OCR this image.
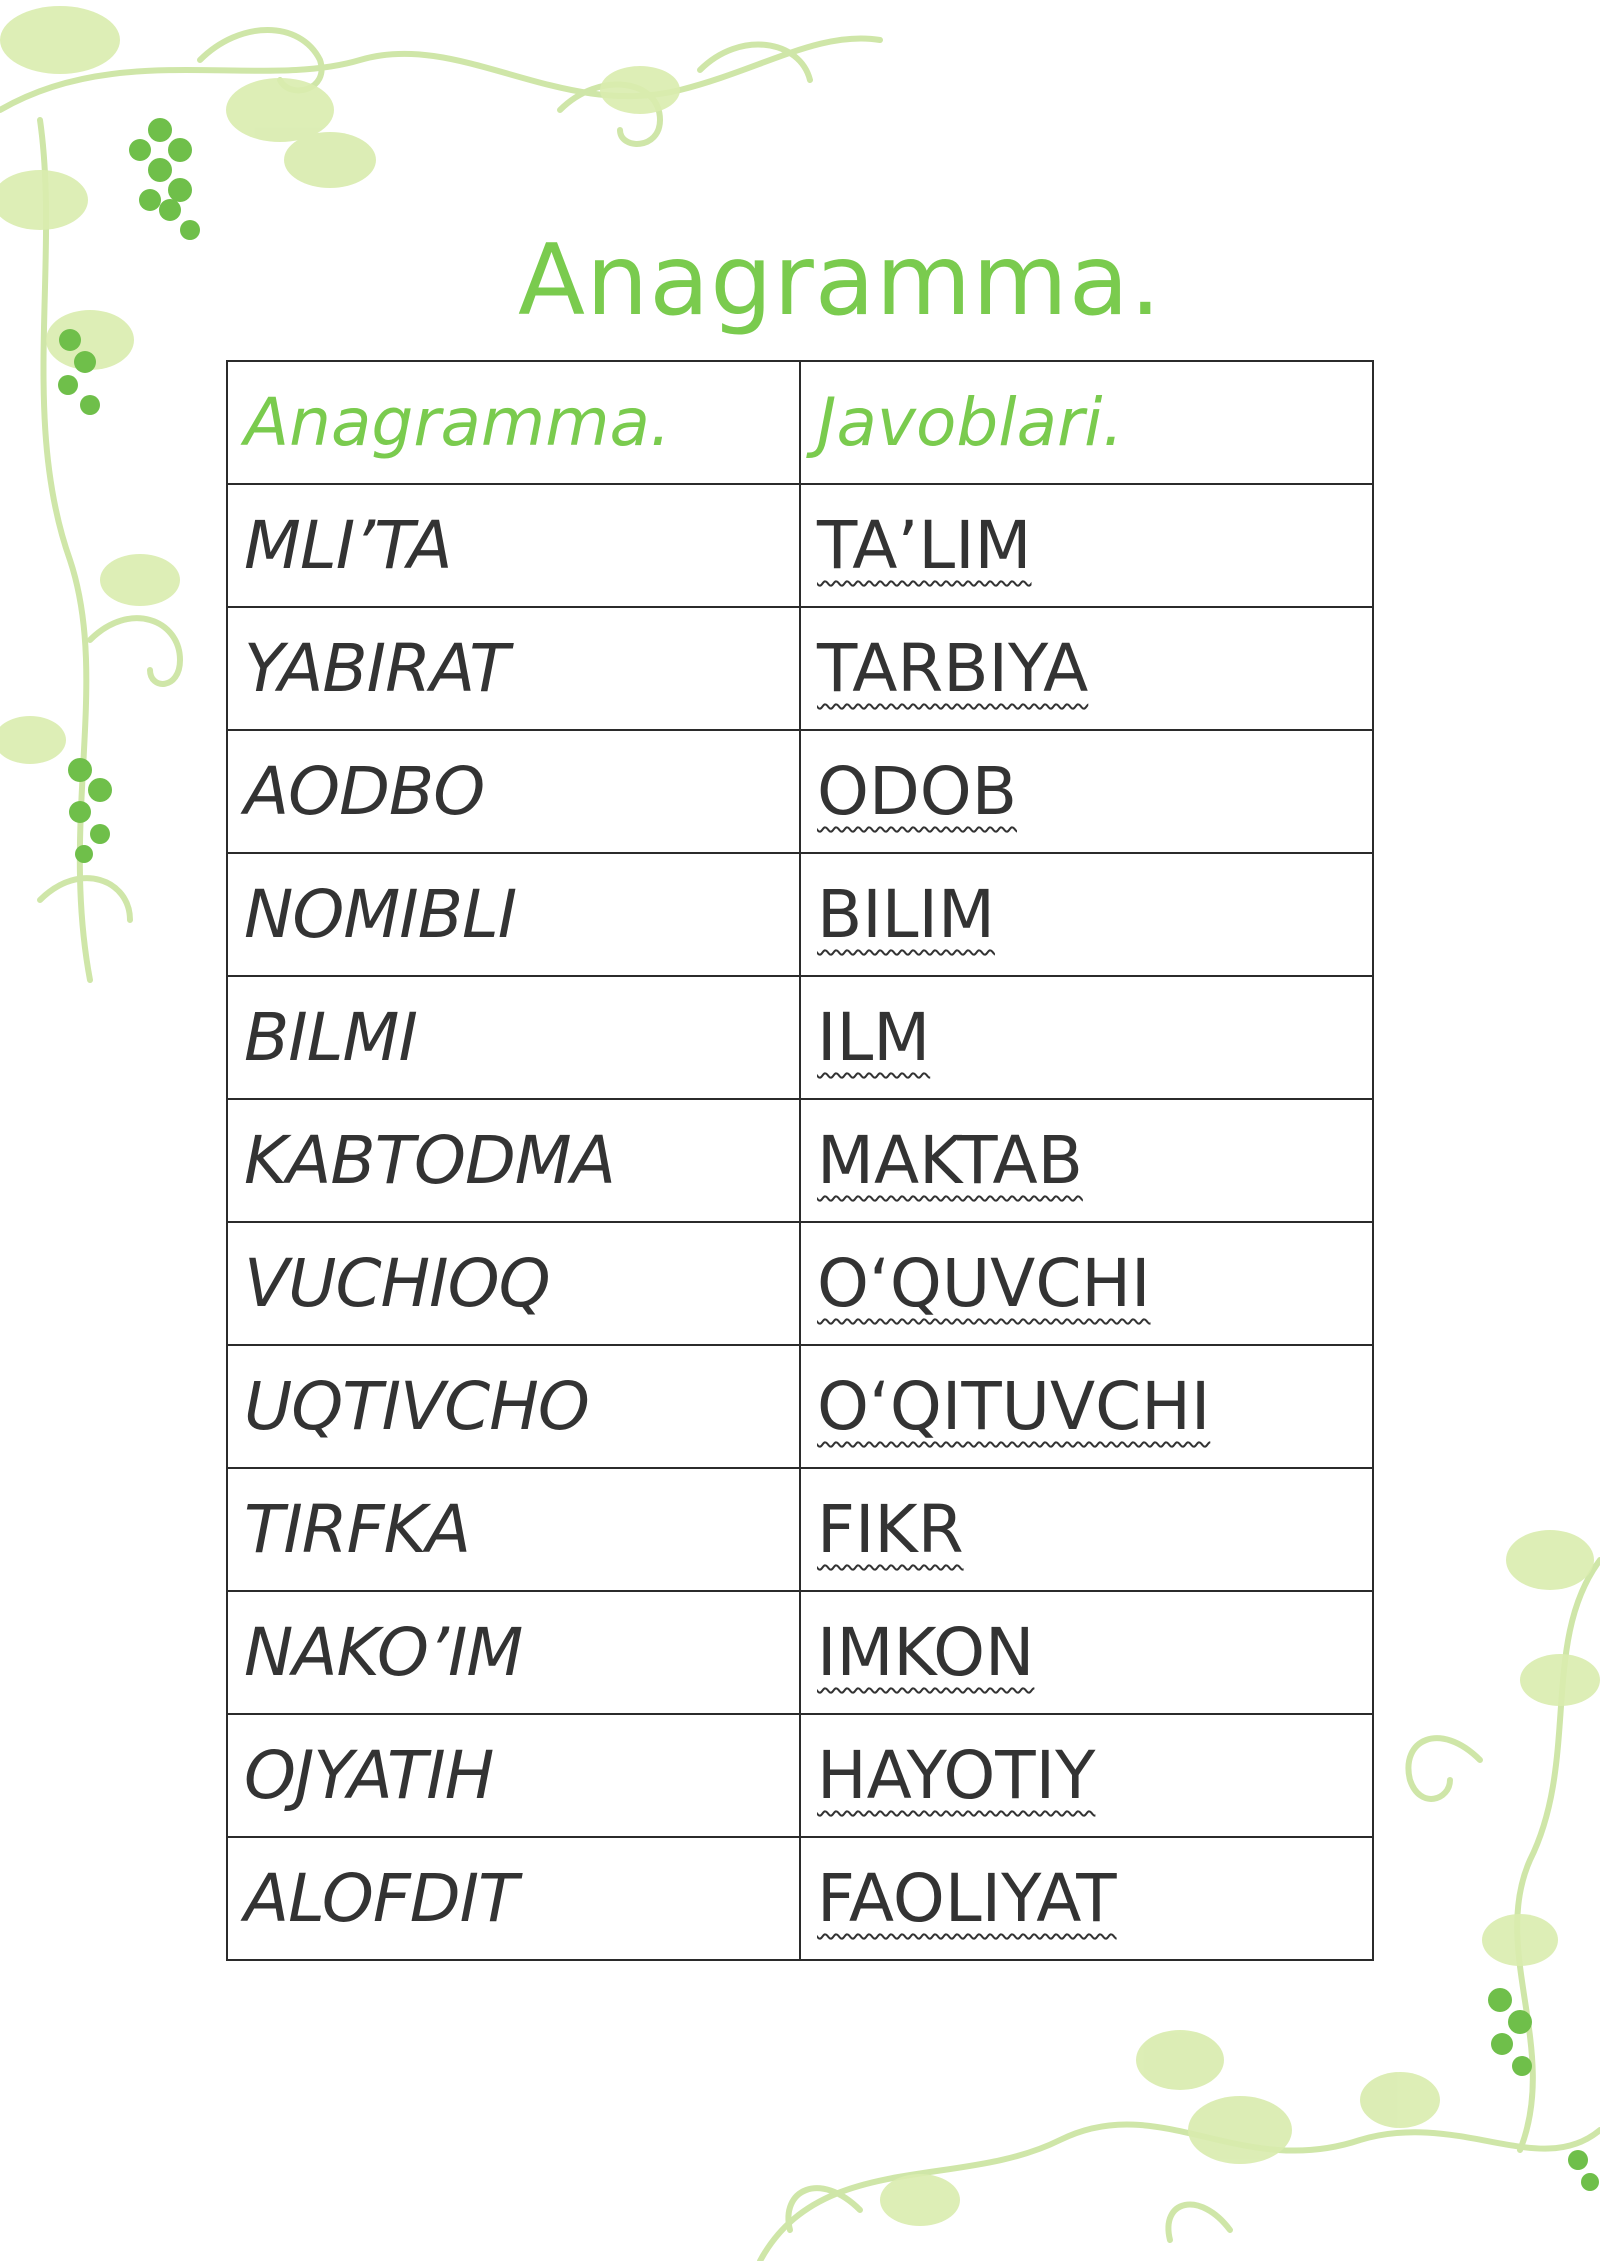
Anagramma.
Anagramma.	Javoblari.
MLI’TA	TA’LIM
YABIRAT	TARBIYA
AODBO	ODOB
NOMIBLI	BILIM
BILMI	ILM
KABTODMA	MAKTAB
VUCHIOQ	O‘QUVCHI
UQTIVCHO	O‘QITUVCHI
TIRFKA	FIKR
NAKO’IM	IMKON
OJYATIH	HAYOTIY
ALOFDIT	FAOLIYAT
